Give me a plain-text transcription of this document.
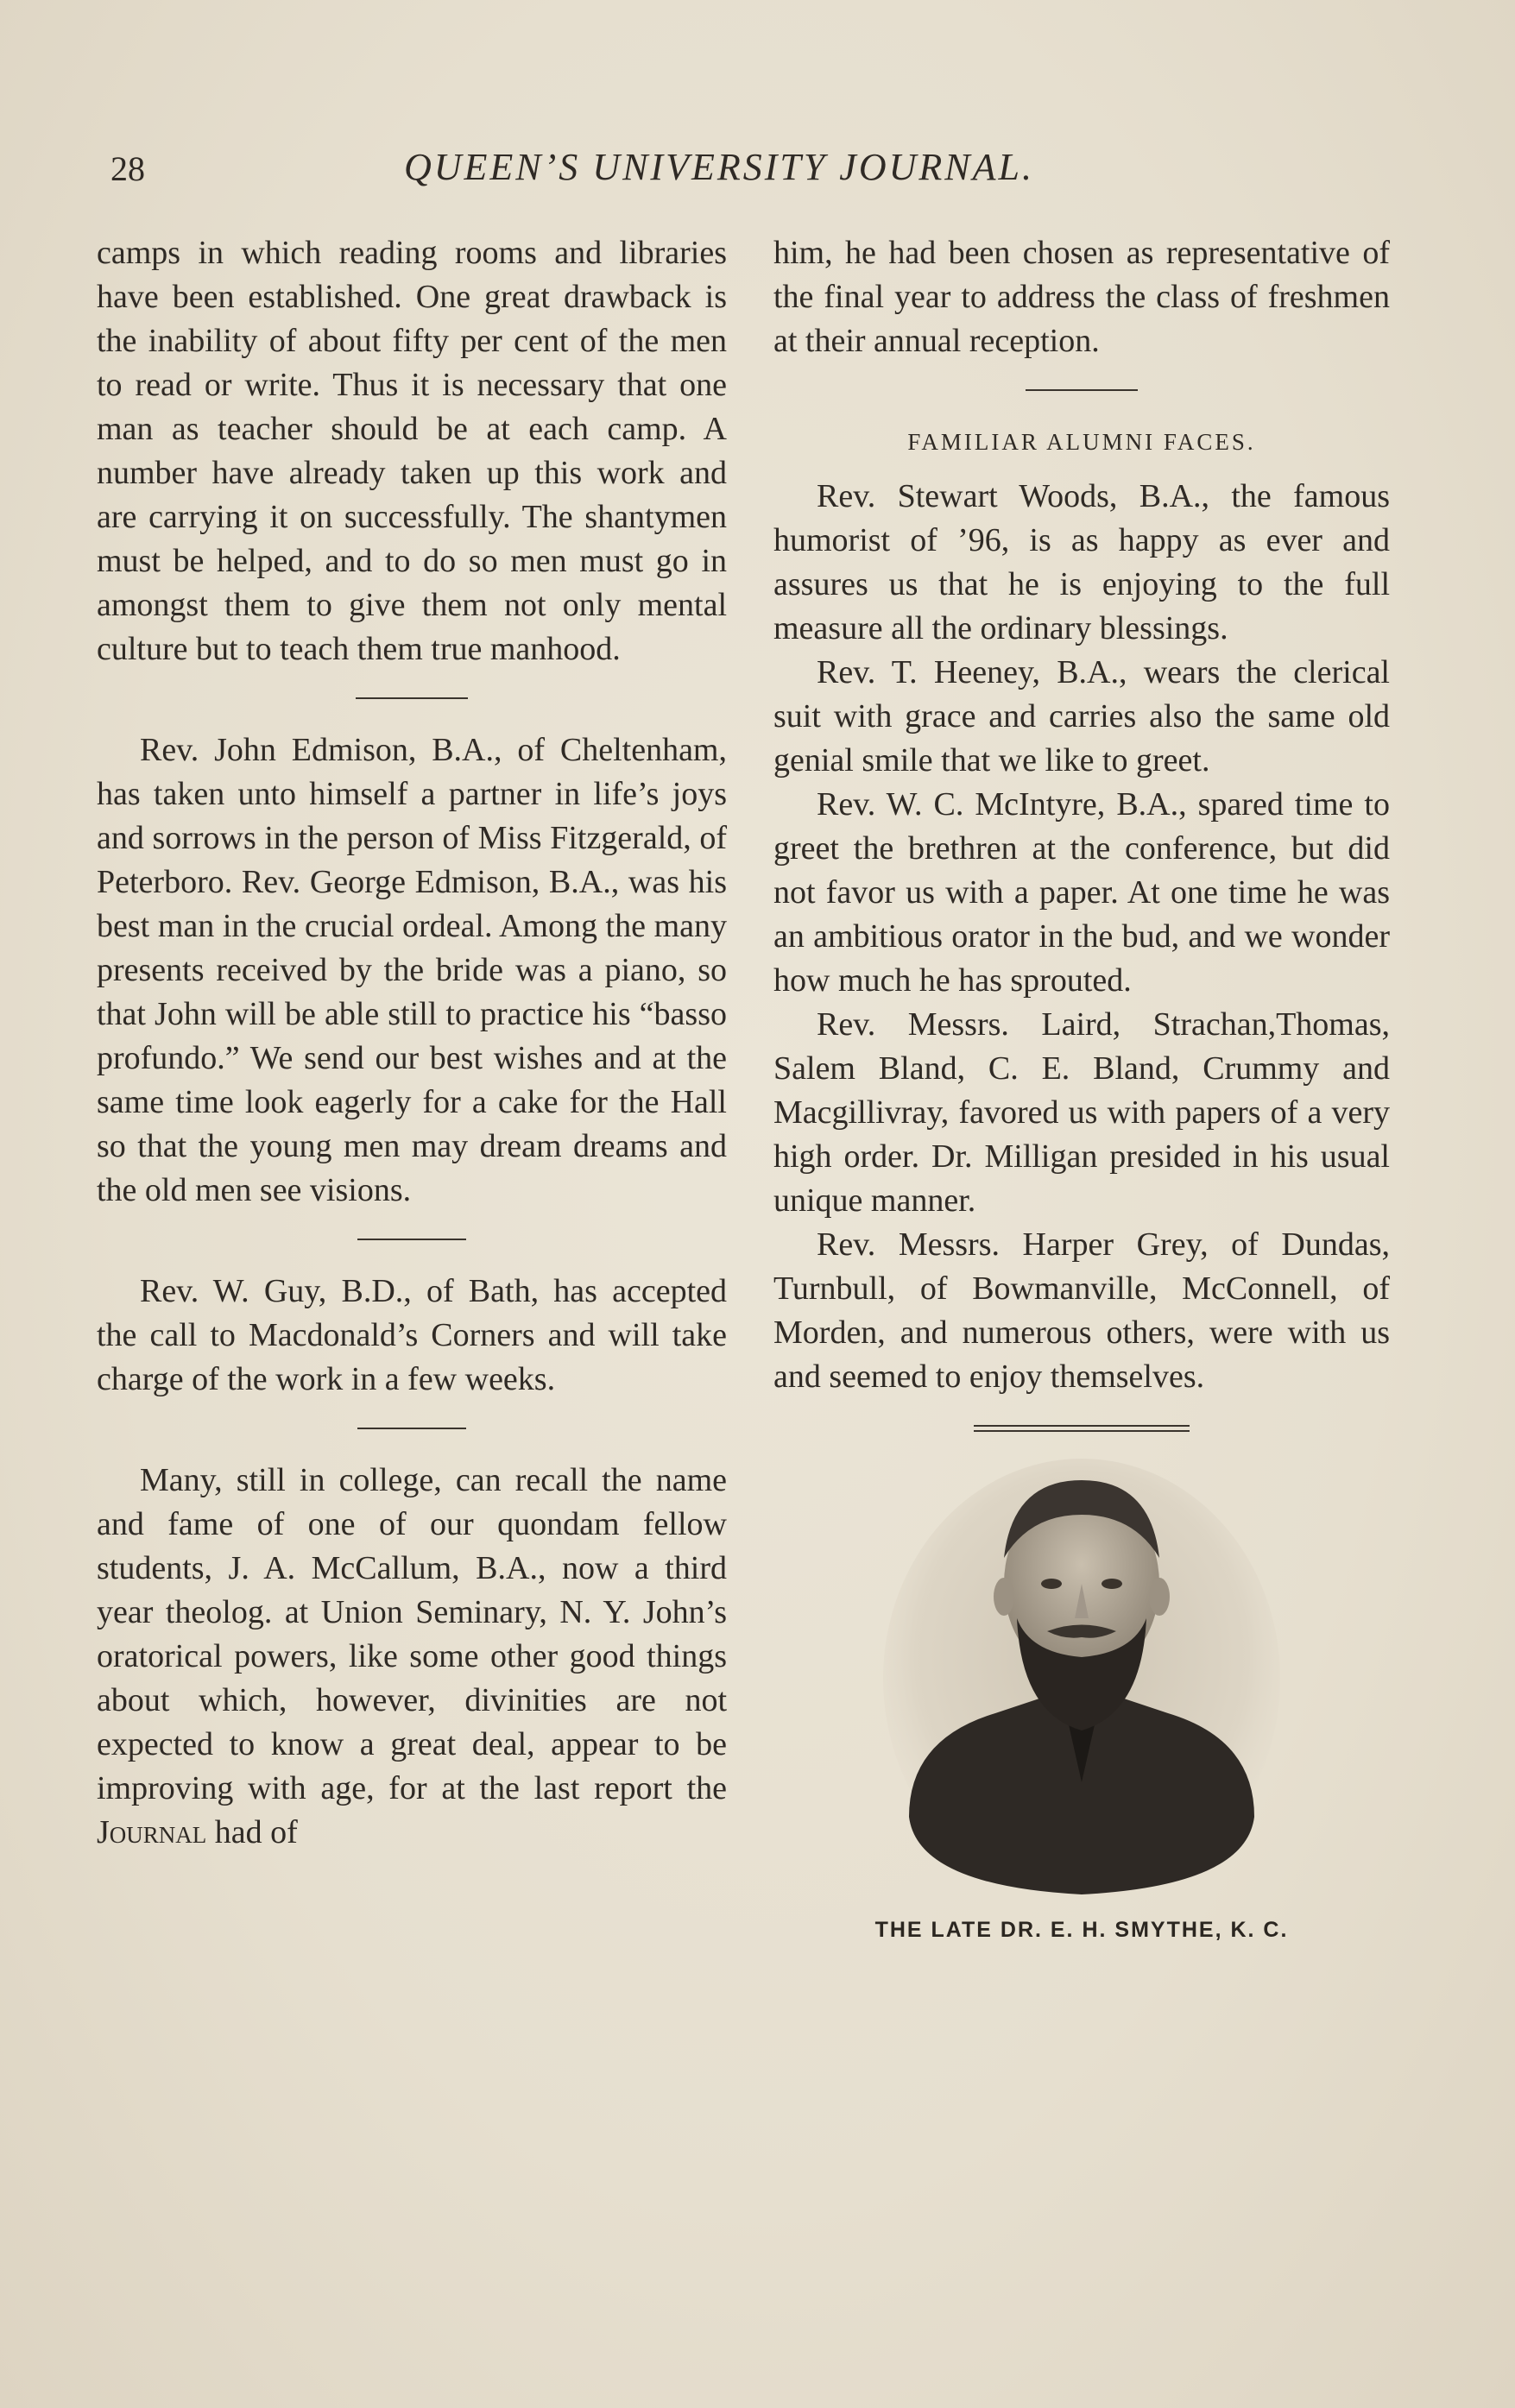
28	QUEEN’S UNIVERSITY JOURNAL.

camps in which reading rooms and libraries have been established. One great drawback is the inability of about fifty per cent of the men to read or write. Thus it is necessary that one man as teacher should be at each camp. A number have already taken up this work and are carrying it on successfully. The shantymen must be helped, and to do so men must go in amongst them to give them not only mental culture but to teach them true manhood.

Rev. John Edmison, B.A., of Cheltenham, has taken unto himself a partner in life’s joys and sorrows in the person of Miss Fitzgerald, of Peterboro. Rev. George Edmison, B.A., was his best man in the crucial ordeal. Among the many presents received by the bride was a piano, so that John will be able still to practice his “basso profundo.” We send our best wishes and at the same time look eagerly for a cake for the Hall so that the young men may dream dreams and the old men see visions.

Rev. W. Guy, B.D., of Bath, has accepted the call to Macdonald’s Corners and will take charge of the work in a few weeks.

Many, still in college, can recall the name and fame of one of our quondam fellow students, J. A. McCallum, B.A., now a third year theolog. at Union Seminary, N. Y. John’s oratorical powers, like some other good things about which, however, divinities are not expected to know a great deal, appear to be improving with age, for at the last report the Journal had of

him, he had been chosen as representative of the final year to address the class of freshmen at their annual reception.

FAMILIAR ALUMNI FACES.

Rev. Stewart Woods, B.A., the famous humorist of ’96, is as happy as ever and assures us that he is enjoying to the full measure all the ordinary blessings.

Rev. T. Heeney, B.A., wears the clerical suit with grace and carries also the same old genial smile that we like to greet.

Rev. W. C. McIntyre, B.A., spared time to greet the brethren at the conference, but did not favor us with a paper. At one time he was an ambitious orator in the bud, and we wonder how much he has sprouted.

Rev. Messrs. Laird, Strachan,Thomas, Salem Bland, C. E. Bland, Crummy and Macgillivray, favored us with papers of a very high order. Dr. Milligan presided in his usual unique manner.

Rev. Messrs. Harper Grey, of Dundas, Turnbull, of Bowmanville, McConnell, of Morden, and numerous others, were with us and seemed to enjoy themselves.

THE LATE DR. E. H. SMYTHE, K. C.
